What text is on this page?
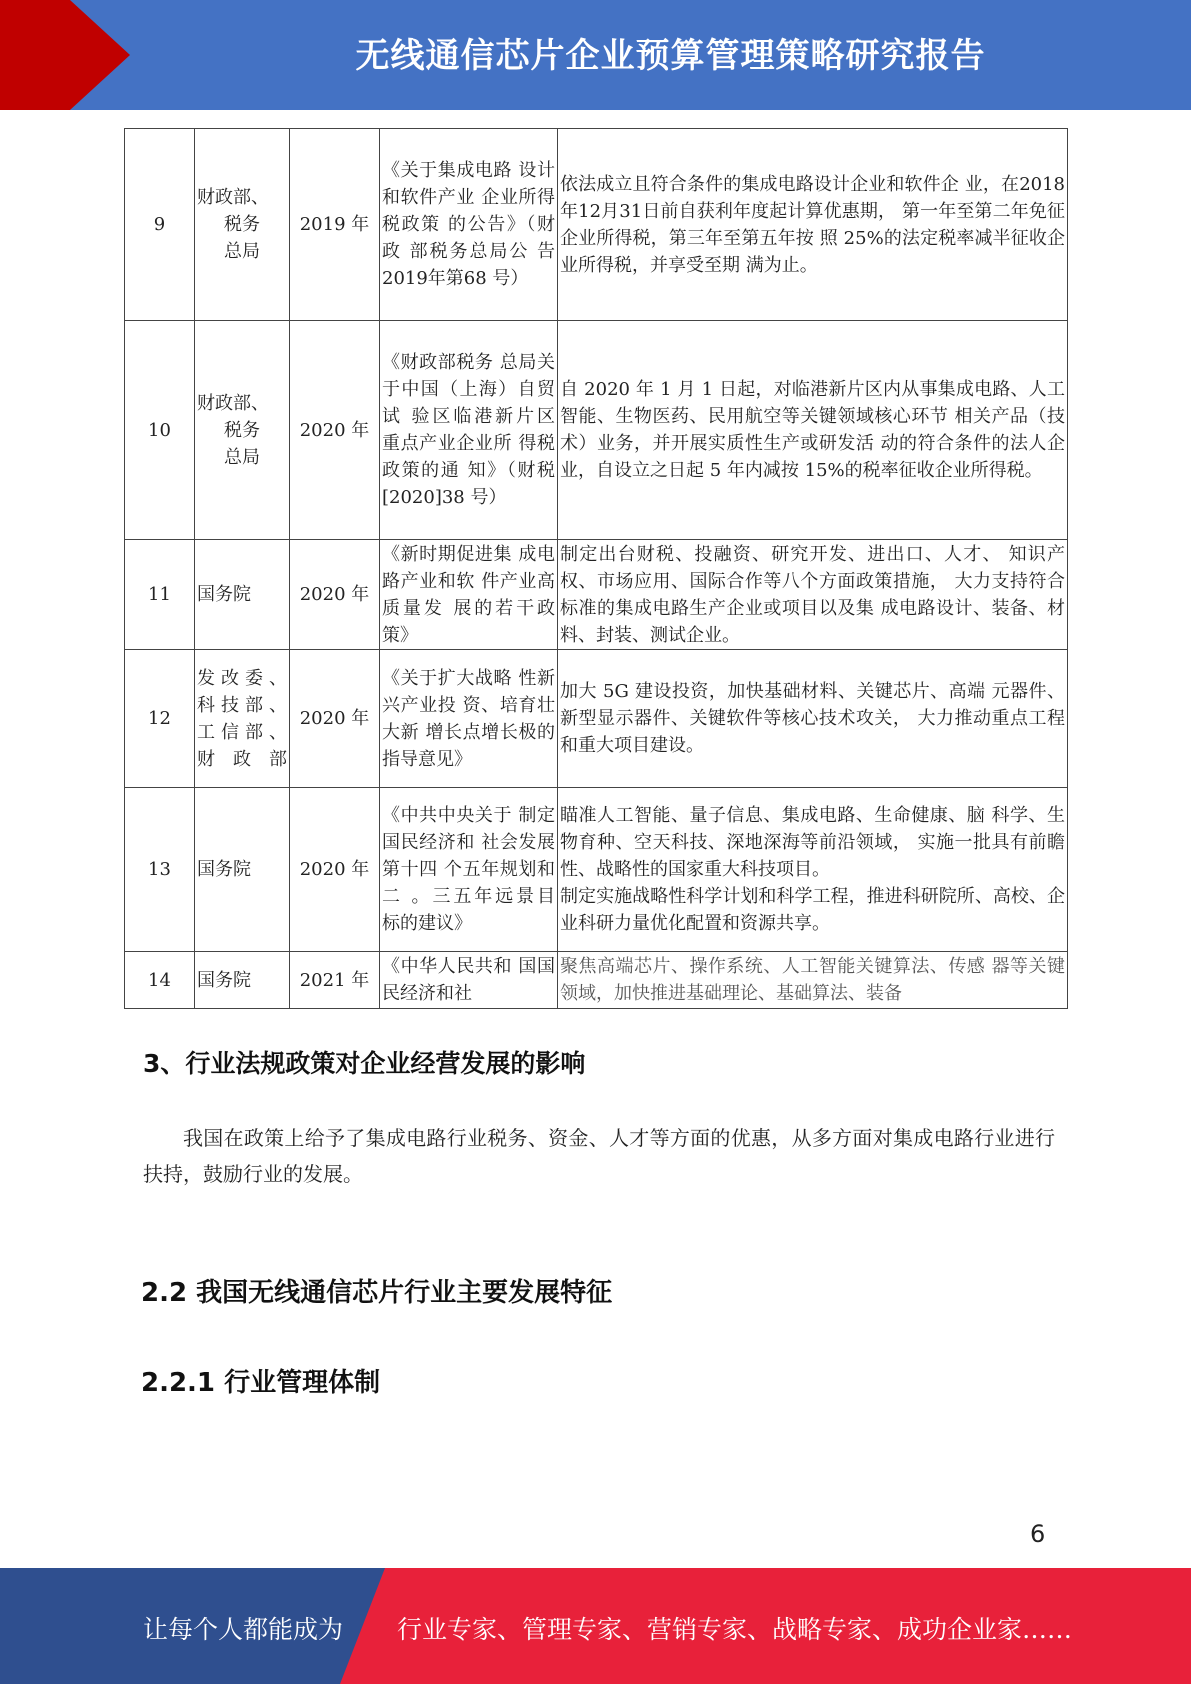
无线通信芯片企业预算管理策略研究报告
9	财政部、
税务
总局	2019 年	《关于集成电路 设计和软件产业 企业所得税政策 的公告》（财政 部税务总局公 告2019年第68 号）	依法成立且符合条件的集成电路设计企业和软件企 业，在2018年12月31日前自获利年度起计算优惠期， 第一年至第二年免征企业所得税，第三年至第五年按 照 25%的法定税率减半征收企业所得税，并享受至期 满为止。
10	财政部、
税务
总局	2020 年	《财政部税务 总局关于中国（上海）自贸试 验区临港新片区 重点产业企业所 得税政策的通 知》（财税[2020]38 号）	自 2020 年 1 月 1 日起，对临港新片区内从事集成电路、人工智能、生物医药、民用航空等关键领域核心环节 相关产品（技术）业务，并开展实质性生产或研发活 动的符合条件的法人企业，自设立之日起 5 年内减按 15%的税率征收企业所得税。
11	国务院	2020 年	《新时期促进集 成电路产业和软 件产业高质量发 展的若干政策》	制定出台财税、投融资、研究开发、进出口、人才、 知识产权、市场应用、国际合作等八个方面政策措施， 大力支持符合标准的集成电路生产企业或项目以及集 成电路设计、装备、材料、封装、测试企业。
12	发改委、
科技部、
工信部、
财政部	2020 年	《关于扩大战略 性新兴产业投 资、培育壮大新 增长点增长极的 指导意见》	加大 5G 建设投资，加快基础材料、关键芯片、高端 元器件、新型显示器件、关键软件等核心技术攻关， 大力推动重点工程和重大项目建设。
13	国务院	2020 年	《中共中央关于 制定国民经济和 社会发展第十四 个五年规划和二 。三五年远景目 标的建议》	瞄准人工智能、量子信息、集成电路、生命健康、脑 科学、生物育种、空天科技、深地深海等前沿领域， 实施一批具有前瞻性、战略性的国家重大科技项目。
制定实施战略性科学计划和科学工程，推进科研院所、高校、企业科研力量优化配置和资源共享。

14	国务院	2021 年	《中华人民共和 国国民经济和社	聚焦高端芯片、操作系统、人工智能关键算法、传感 器等关键领域，加快推进基础理论、基础算法、装备
3、行业法规政策对企业经营发展的影响

我国在政策上给予了集成电路行业税务、资金、人才等方面的优惠，从多方面对集成电路行业进行扶持，鼓励行业的发展。

2.2 我国无线通信芯片行业主要发展特征
2.2.1 行业管理体制
6
让每个人都能成为 行业专家、管理专家、营销专家、战略专家、成功企业家……
